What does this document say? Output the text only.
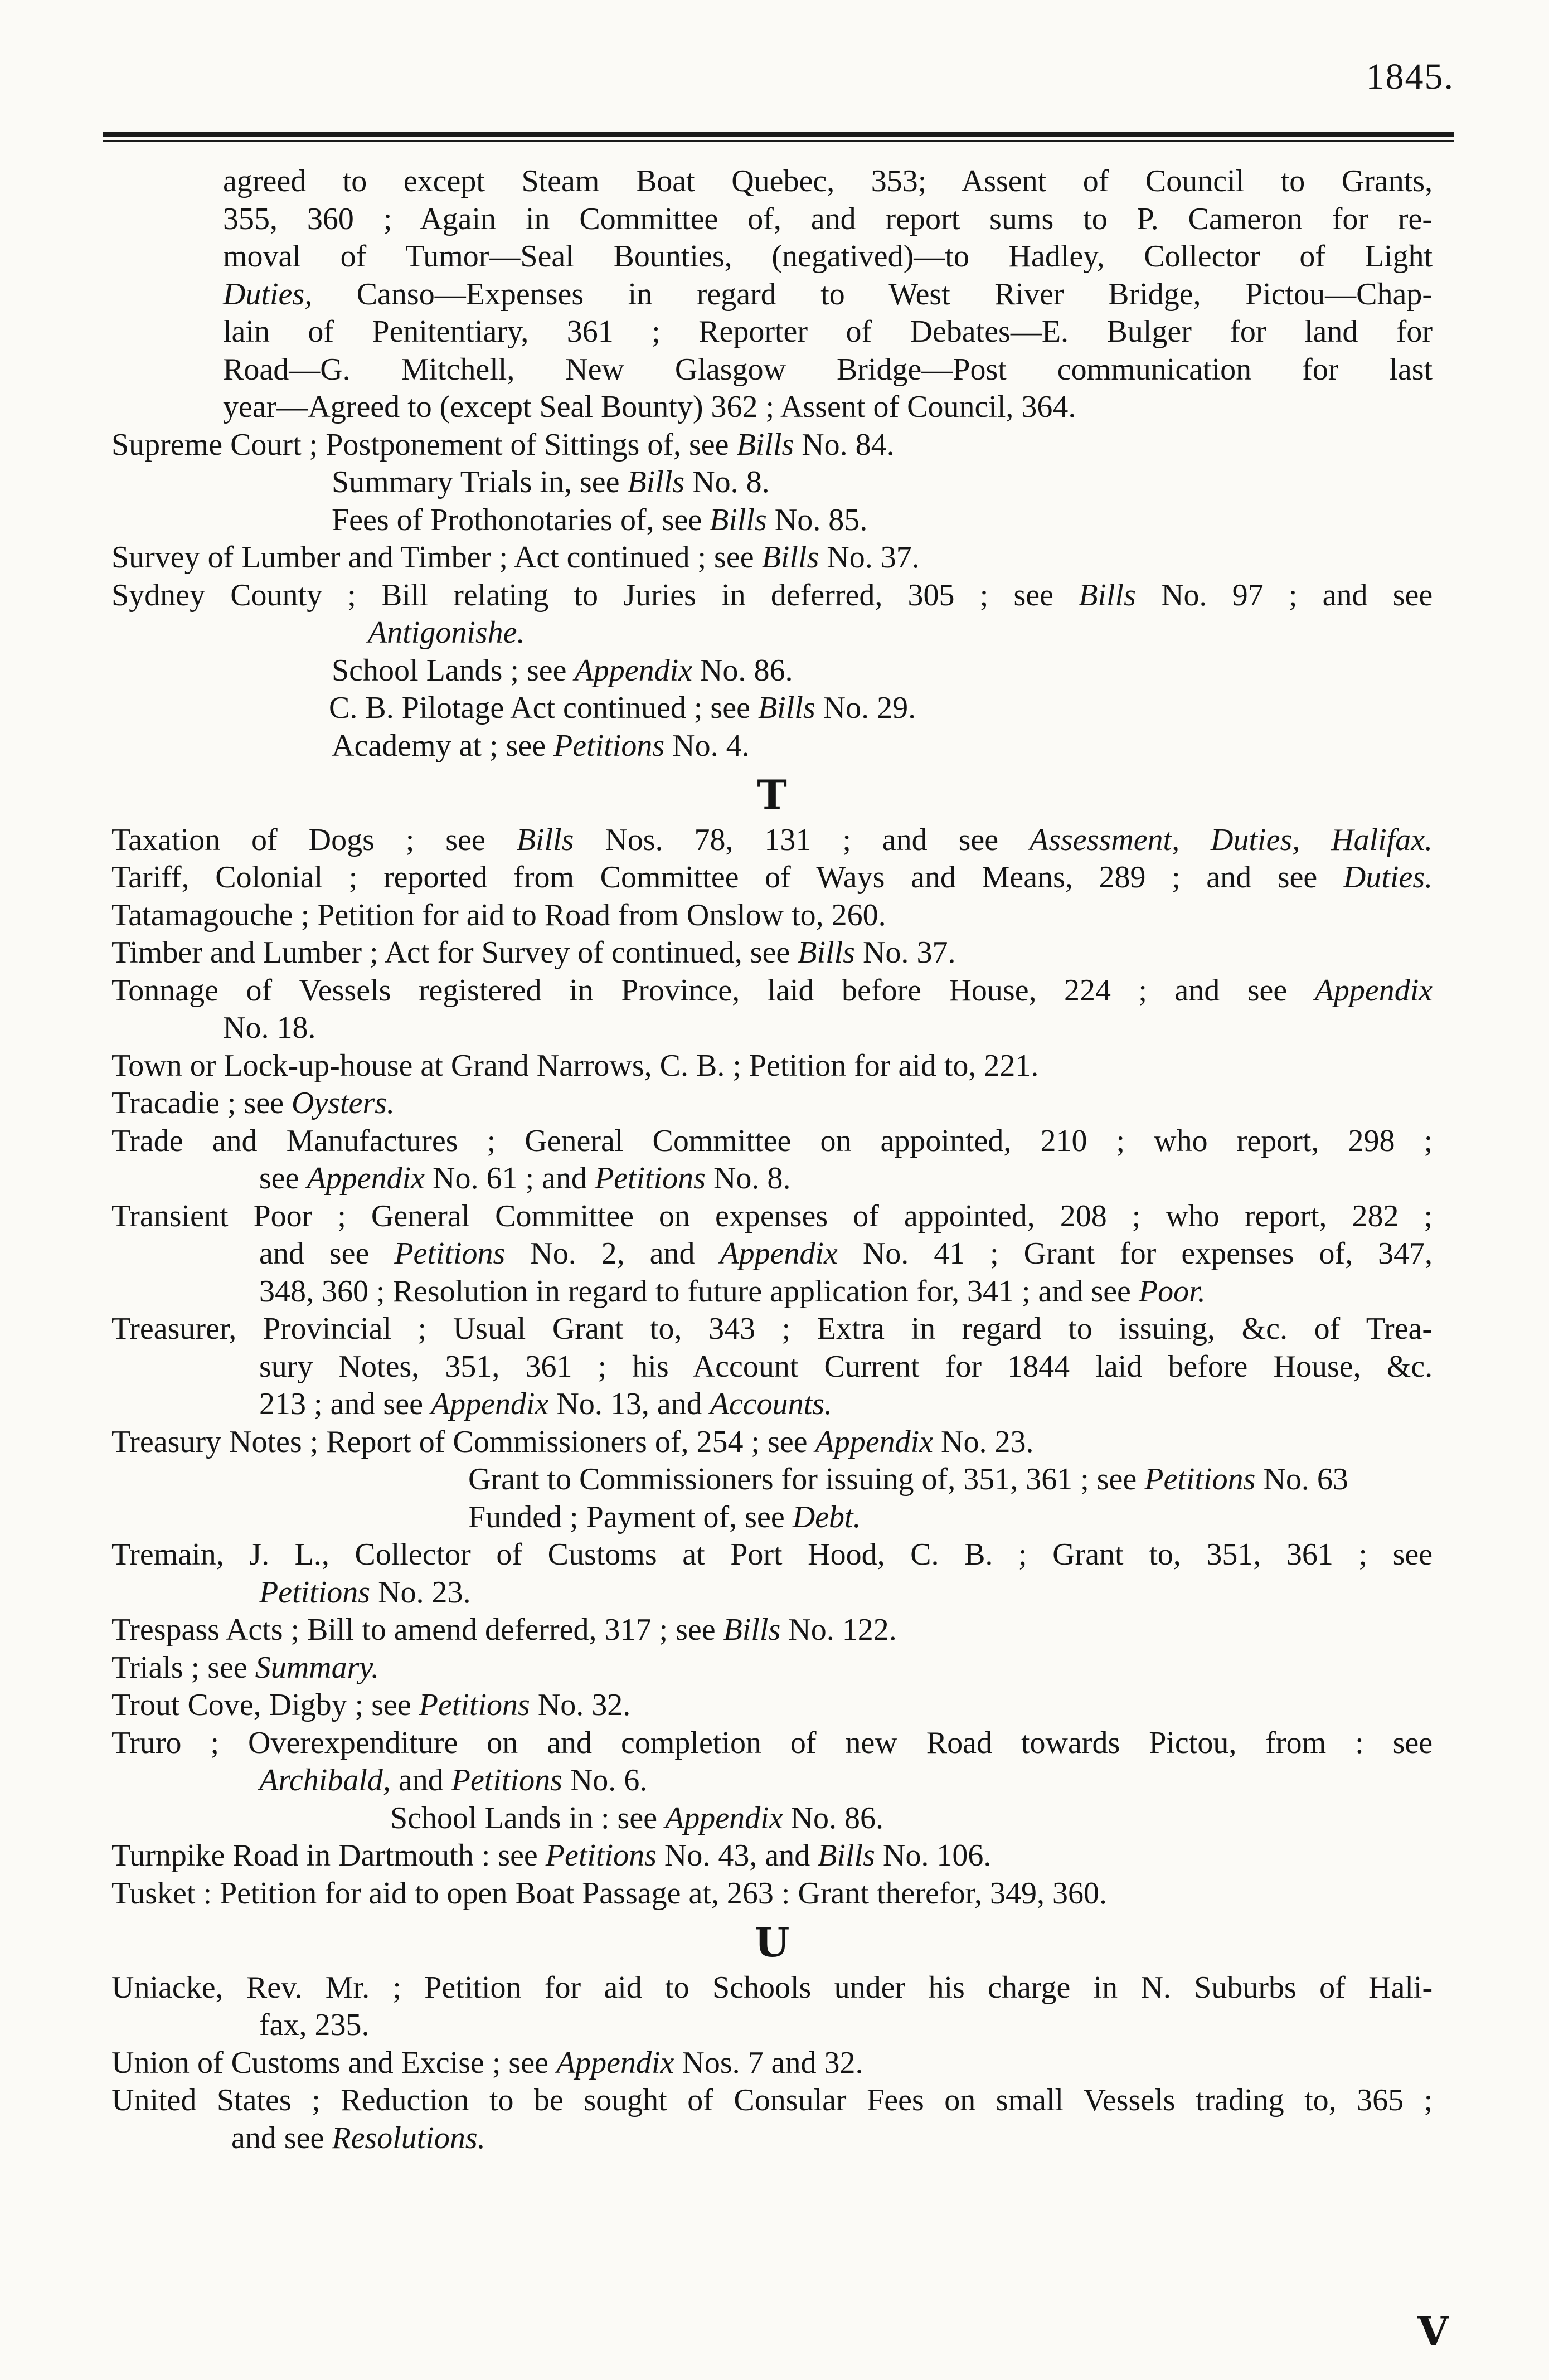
1845.
agreed to except Steam Boat Quebec, 353; Assent of Council to Grants,
355, 360 ; Again in Committee of, and report sums to P. Cameron for re-
moval of Tumor—Seal Bounties, (negatived)—to Hadley, Collector of Light
Duties, Canso—Expenses in regard to West River Bridge, Pictou—Chap-
lain of Penitentiary, 361 ; Reporter of Debates—E. Bulger for land for
Road—G. Mitchell, New Glasgow Bridge—Post communication for last
year—Agreed to (except Seal Bounty) 362 ; Assent of Council, 364.
Supreme Court ; Postponement of Sittings of, see Bills No. 84.
Summary Trials in, see Bills No. 8.
Fees of Prothonotaries of, see Bills No. 85.
Survey of Lumber and Timber ; Act continued ; see Bills No. 37.
Sydney County ; Bill relating to Juries in deferred, 305 ; see Bills No. 97 ; and see
Antigonishe.
School Lands ; see Appendix No. 86.
C. B. Pilotage Act continued ; see Bills No. 29.
Academy at ; see Petitions No. 4.
T
Taxation of Dogs ; see Bills Nos. 78, 131 ; and see Assessment, Duties, Halifax.
Tariff, Colonial ; reported from Committee of Ways and Means, 289 ; and see Duties.
Tatamagouche ; Petition for aid to Road from Onslow to, 260.
Timber and Lumber ; Act for Survey of continued, see Bills No. 37.
Tonnage of Vessels registered in Province, laid before House, 224 ; and see Appendix
No. 18.
Town or Lock-up-house at Grand Narrows, C. B. ; Petition for aid to, 221.
Tracadie ; see Oysters.
Trade and Manufactures ; General Committee on appointed, 210 ; who report, 298 ;
see Appendix No. 61 ; and Petitions No. 8.
Transient Poor ; General Committee on expenses of appointed, 208 ; who report, 282 ;
and see Petitions No. 2, and Appendix No. 41 ; Grant for expenses of, 347,
348, 360 ; Resolution in regard to future application for, 341 ; and see Poor.
Treasurer, Provincial ; Usual Grant to, 343 ; Extra in regard to issuing, &c. of Trea-
sury Notes, 351, 361 ; his Account Current for 1844 laid before House, &c.
213 ; and see Appendix No. 13, and Accounts.
Treasury Notes ; Report of Commissioners of, 254 ; see Appendix No. 23.
Grant to Commissioners for issuing of, 351, 361 ; see Petitions No. 63
Funded ; Payment of, see Debt.
Tremain, J. L., Collector of Customs at Port Hood, C. B. ; Grant to, 351, 361 ; see
Petitions No. 23.
Trespass Acts ; Bill to amend deferred, 317 ; see Bills No. 122.
Trials ; see Summary.
Trout Cove, Digby ; see Petitions No. 32.
Truro ; Overexpenditure on and completion of new Road towards Pictou, from : see
Archibald, and Petitions No. 6.
School Lands in : see Appendix No. 86.
Turnpike Road in Dartmouth : see Petitions No. 43, and Bills No. 106.
Tusket : Petition for aid to open Boat Passage at, 263 : Grant therefor, 349, 360.
U
Uniacke, Rev. Mr. ; Petition for aid to Schools under his charge in N. Suburbs of Hali-
fax, 235.
Union of Customs and Excise ; see Appendix Nos. 7 and 32.
United States ; Reduction to be sought of Consular Fees on small Vessels trading to, 365 ;
and see Resolutions.
V
